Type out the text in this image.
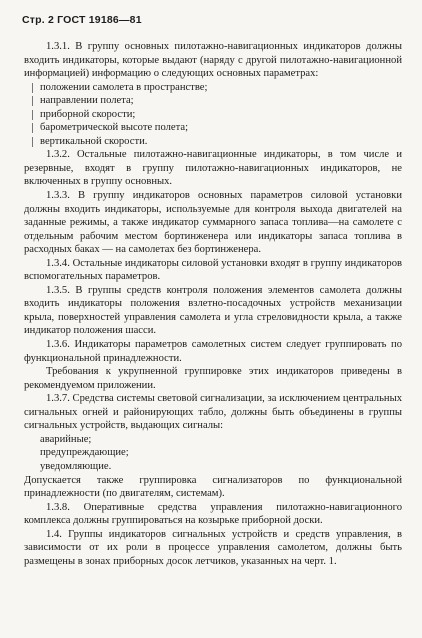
Стр. 2 ГОСТ 19186—81

1.3.1. В группу основных пилотажно-навигационных индикаторов должны входить индикаторы, которые выдают (наряду с другой пилотажно-навигационной информацией) информацию о следующих основных параметрах:

положении самолета в пространстве;

направлении полета;

приборной скорости;

барометрической высоте полета;

вертикальной скорости.

1.3.2. Остальные пилотажно-навигационные индикаторы, в том числе и резервные, входят в группу пилотажно-навигационных индикаторов, не включенных в группу основных.

1.3.3. В группу индикаторов основных параметров силовой установки должны входить индикаторы, используемые для контроля выхода двигателей на заданные режимы, а также индикатор суммарного запаса топлива—на самолете с отдельным рабочим местом бортинженера или индикаторы запаса топлива в расходных баках — на самолетах без бортинженера.

1.3.4. Остальные индикаторы силовой установки входят в группу индикаторов вспомогательных параметров.

1.3.5. В группы средств контроля положения элементов самолета должны входить индикаторы положения взлетно-посадочных устройств механизации крыла, поверхностей управления самолета и угла стреловидности крыла, а также индикатор положения шасси.

1.3.6. Индикаторы параметров самолетных систем следует группировать по функциональной принадлежности.

Требования к укрупненной группировке этих индикаторов приведены в рекомендуемом приложении.

1.3.7. Средства системы световой сигнализации, за исключением центральных сигнальных огней и районирующих табло, должны быть объединены в группы сигнальных устройств, выдающих сигналы:

аварийные;

предупреждающие;

уведомляющие.

Допускается также группировка сигнализаторов по функциональной принадлежности (по двигателям, системам).

1.3.8. Оперативные средства управления пилотажно-навигационного комплекса должны группироваться на козырьке приборной доски.

1.4. Группы индикаторов сигнальных устройств и средств управления, в зависимости от их роли в процессе управления самолетом, должны быть размещены в зонах приборных досок летчиков, указанных на черт. 1.
